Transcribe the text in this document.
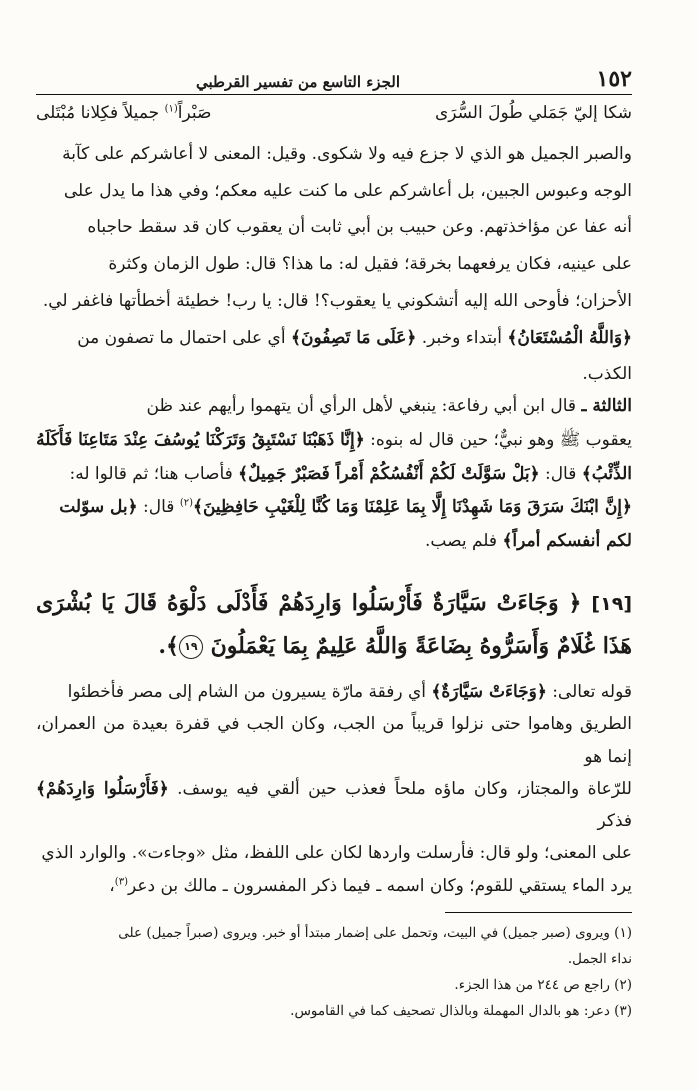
الجزء التاسع من تفسير القرطبي	١٥٢
شكا إليّ جَمَلي طُولَ السُّرَى
صَبْراً$^{(١)}$ جميلاً فكِلانا مُبْتَلى

والصبر الجميل هو الذي لا جزع فيه ولا شكوى. وقيل: المعنى لا أعاشركم على كآبة

الوجه وعبوس الجبين، بل أعاشركم على ما كنت عليه معكم؛ وفي هذا ما يدل على

أنه عفا عن مؤاخذتهم. وعن حبيب بن أبي ثابت أن يعقوب كان قد سقط حاجباه

على عينيه، فكان يرفعهما بخرقة؛ فقيل له: ما هذا؟ قال: طول الزمان وكثرة

الأحزان؛ فأوحى الله إليه أتشكوني يا يعقوب؟! قال: يا رب! خطيئة أخطأتها فاغفر لي.

﴿وَاللَّهُ الْمُسْتَعَانُ﴾ أبتداء وخبر. ﴿عَلَى مَا تَصِفُونَ﴾ أي على احتمال ما تصفون من

الكذب.

الثالثة ـ قال ابن أبي رفاعة: ينبغي لأهل الرأي أن يتهموا رأيهم عند ظن

يعقوب ﷺ وهو نبيٌّ؛ حين قال له بنوه: ﴿إِنَّا ذَهَبْنَا نَسْتَبِقُ وَتَرَكْنَا يُوسُفَ عِنْدَ مَتَاعِنَا فَأَكَلَهُ

الذِّئْبُ﴾ قال: ﴿بَلْ سَوَّلَتْ لَكُمْ أَنْفُسُكُمْ أَمْراً فَصَبْرٌ جَمِيلٌ﴾ فأصاب هنا؛ ثم قالوا له:

﴿إِنَّ ابْنَكَ سَرَقَ وَمَا شَهِدْنَا إِلَّا بِمَا عَلِمْنَا وَمَا كُنَّا لِلْغَيْبِ حَافِظِينَ﴾$^{(٢)}$ قال: ﴿بل سوّلت

لكم أنفسكم أمراً﴾ فلم يصب.

[١٩] ﴿ وَجَاءَتْ سَيَّارَةٌ فَأَرْسَلُوا وَارِدَهُمْ فَأَدْلَى دَلْوَهُ قَالَ يَا بُشْرَى هَذَا غُلَامٌ وَأَسَرُّوهُ بِضَاعَةً وَاللَّهُ عَلِيمٌ بِمَا يَعْمَلُونَ ١٩﴾.

قوله تعالى: ﴿وَجَاءَتْ سَيَّارَةٌ﴾ أي رفقة مارّة يسيرون من الشام إلى مصر فأخطئوا

الطريق وهاموا حتى نزلوا قريباً من الجب، وكان الجب في قفرة بعيدة من العمران، إنما هو

للرّعاة والمجتاز، وكان ماؤه ملحاً فعذب حين ألقي فيه يوسف. ﴿فَأَرْسَلُوا وَارِدَهُمْ﴾ فذكر

على المعنى؛ ولو قال: فأرسلت واردها لكان على اللفظ، مثل «وجاءت». والوارد الذي

يرد الماء يستقي للقوم؛ وكان اسمه ـ فيما ذكر المفسرون ـ مالك بن دعر$^{(٣)}$،

(١) ويروى (صبر جميل) في البيت، وتحمل على إضمار مبتدأ أو خبر. ويروى (صبراً جميل) على

نداء الجمل.

(٢) راجع ص ٢٤٤ من هذا الجزء.

(٣) دعر: هو بالدال المهملة وبالذال تصحيف كما في القاموس.
